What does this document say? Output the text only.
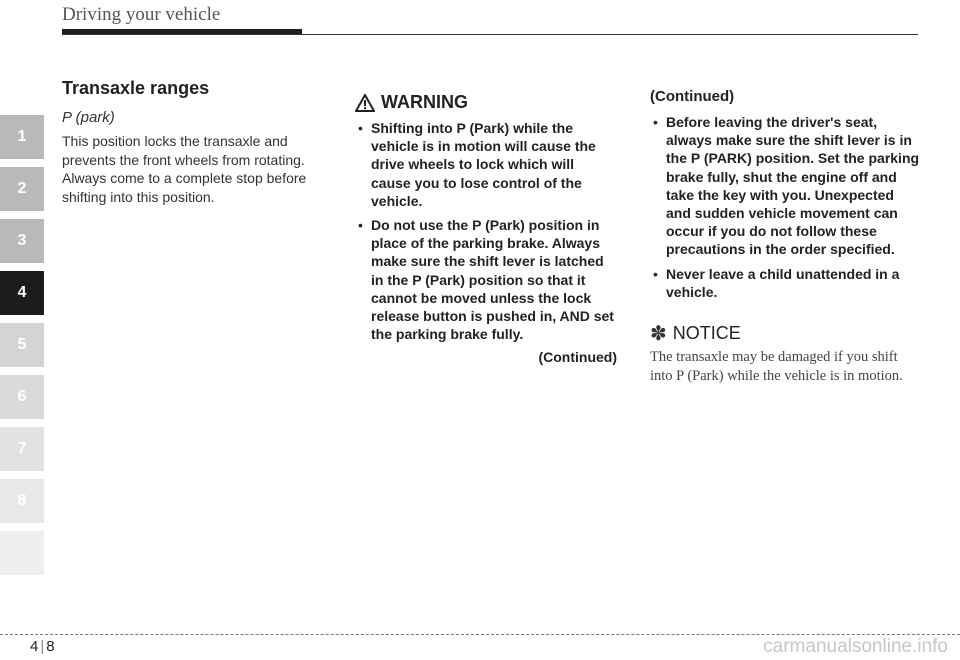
Driving your vehicle
1
2
3
4
5
6
7
8
Transaxle ranges
P (park)

This position locks the transaxle and prevents the front wheels from rotating. Always come to a complete stop before shifting into this position.

WARNING
• Shifting into P (Park) while the vehicle is in motion will cause the drive wheels to lock which will cause you to lose control of the vehicle.
• Do not use the P (Park) position in place of the parking brake. Always make sure the shift lever is latched in the P (Park) position so that it cannot be moved unless the lock release button is pushed in, AND set the parking brake fully.
(Continued)
(Continued)
• Before leaving the driver's seat, always make sure the shift lever is in the P (PARK) position. Set the parking brake fully, shut the engine off and take the key with you. Unexpected and sudden vehicle movement can occur if you do not follow these precautions in the order specified.
• Never leave a child unattended in a vehicle.
✽ NOTICE

The transaxle may be damaged if you shift into P (Park) while the vehicle is in motion.

4 | 8	carmanualsonline.info
